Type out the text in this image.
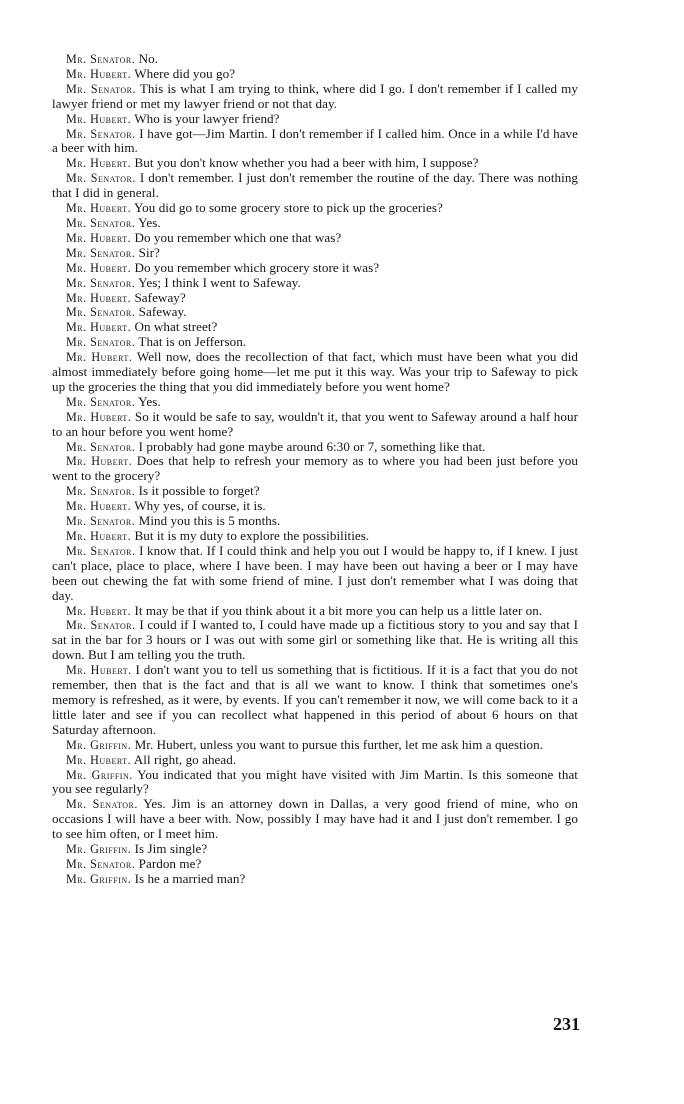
Mr. Senator. No.

Mr. Hubert. Where did you go?

Mr. Senator. This is what I am trying to think, where did I go. I don't remember if I called my lawyer friend or met my lawyer friend or not that day.

Mr. Hubert. Who is your lawyer friend?

Mr. Senator. I have got—Jim Martin. I don't remember if I called him. Once in a while I'd have a beer with him.

Mr. Hubert. But you don't know whether you had a beer with him, I suppose?

Mr. Senator. I don't remember. I just don't remember the routine of the day. There was nothing that I did in general.

Mr. Hubert. You did go to some grocery store to pick up the groceries?

Mr. Senator. Yes.

Mr. Hubert. Do you remember which one that was?

Mr. Senator. Sir?

Mr. Hubert. Do you remember which grocery store it was?

Mr. Senator. Yes; I think I went to Safeway.

Mr. Hubert. Safeway?

Mr. Senator. Safeway.

Mr. Hubert. On what street?

Mr. Senator. That is on Jefferson.

Mr. Hubert. Well now, does the recollection of that fact, which must have been what you did almost immediately before going home—let me put it this way. Was your trip to Safeway to pick up the groceries the thing that you did immediately before you went home?

Mr. Senator. Yes.

Mr. Hubert. So it would be safe to say, wouldn't it, that you went to Safeway around a half hour to an hour before you went home?

Mr. Senator. I probably had gone maybe around 6:30 or 7, something like that.

Mr. Hubert. Does that help to refresh your memory as to where you had been just before you went to the grocery?

Mr. Senator. Is it possible to forget?

Mr. Hubert. Why yes, of course, it is.

Mr. Senator. Mind you this is 5 months.

Mr. Hubert. But it is my duty to explore the possibilities.

Mr. Senator. I know that. If I could think and help you out I would be happy to, if I knew. I just can't place, place to place, where I have been. I may have been out having a beer or I may have been out chewing the fat with some friend of mine. I just don't remember what I was doing that day.

Mr. Hubert. It may be that if you think about it a bit more you can help us a little later on.

Mr. Senator. I could if I wanted to, I could have made up a fictitious story to you and say that I sat in the bar for 3 hours or I was out with some girl or something like that. He is writing all this down. But I am telling you the truth.

Mr. Hubert. I don't want you to tell us something that is fictitious. If it is a fact that you do not remember, then that is the fact and that is all we want to know. I think that sometimes one's memory is refreshed, as it were, by events. If you can't remember it now, we will come back to it a little later and see if you can recollect what happened in this period of about 6 hours on that Saturday afternoon.

Mr. Griffin. Mr. Hubert, unless you want to pursue this further, let me ask him a question.

Mr. Hubert. All right, go ahead.

Mr. Griffin. You indicated that you might have visited with Jim Martin. Is this someone that you see regularly?

Mr. Senator. Yes. Jim is an attorney down in Dallas, a very good friend of mine, who on occasions I will have a beer with. Now, possibly I may have had it and I just don't remember. I go to see him often, or I meet him.

Mr. Griffin. Is Jim single?

Mr. Senator. Pardon me?

Mr. Griffin. Is he a married man?

231
